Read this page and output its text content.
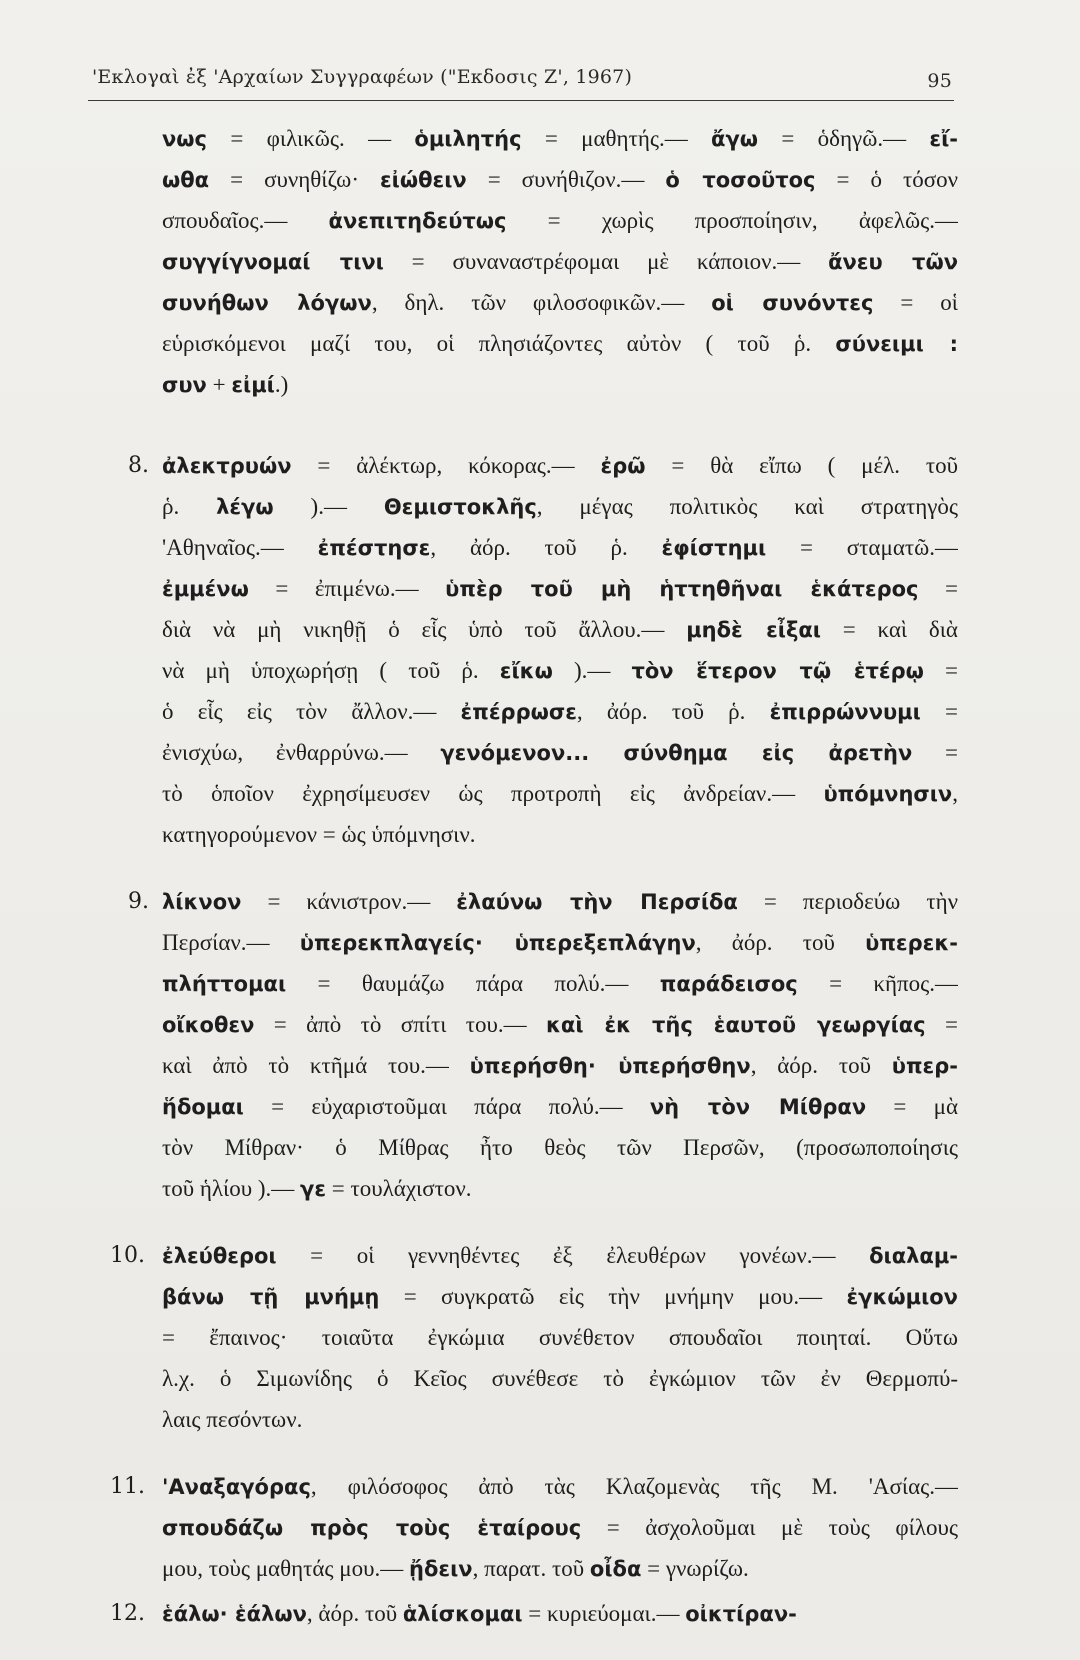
'Εκλογαὶ ἐξ 'Αρχαίων Συγγραφέων ("Εκδοσις Ζ', 1967)	95
νως = φιλικῶς. — ὁμιλητής = μαθητής.— ἄγω = ὁδηγῶ.— εἴ-
ωθα = συνηθίζω· εἰώθειν = συνήθιζον.— ὁ τοσοῦτος = ὁ τόσον
σπουδαῖος.— ἀνεπιτηδεύτως = χωρὶς προσποίησιν, ἀφελῶς.—
συγγίγνομαί τινι = συναναστρέφομαι μὲ κάποιον.— ἄνευ τῶν
συνήθων λόγων, δηλ. τῶν φιλοσοφικῶν.— οἱ συνόντες = οἱ
εὑρισκόμενοι μαζί του, οἱ πλησιάζοντες αὐτὸν ( τοῦ ῥ. σύνειμι :
συν + εἰμί.)
8. ἀλεκτρυών = ἀλέκτωρ, κόκορας.— ἐρῶ = θὰ εἴπω ( μέλ. τοῦ
ῥ. λέγω ).— Θεμιστοκλῆς, μέγας πολιτικὸς καὶ στρατηγὸς
'Αθηναῖος.— ἐπέστησε, ἀόρ. τοῦ ῥ. ἐφίστημι = σταματῶ.—
ἐμμένω = ἐπιμένω.— ὑπὲρ τοῦ μὴ ἡττηθῆναι ἑκάτερος =
διὰ νὰ μὴ νικηθῇ ὁ εἷς ὑπὸ τοῦ ἄλλου.— μηδὲ εἶξαι = καὶ διὰ
νὰ μὴ ὑποχωρήσῃ ( τοῦ ῥ. εἴκω ).— τὸν ἕτερον τῷ ἑτέρῳ =
ὁ εἷς εἰς τὸν ἄλλον.— ἐπέρρωσε, ἀόρ. τοῦ ῥ. ἐπιρρώννυμι =
ἐνισχύω, ἐνθαρρύνω.— γενόμενον... σύνθημα εἰς ἀρετὴν =
τὸ ὁποῖον ἐχρησίμευσεν ὡς προτροπὴ εἰς ἀνδρείαν.— ὑπόμνησιν,
κατηγορούμενον = ὡς ὑπόμνησιν.
9. λίκνον = κάνιστρον.— ἐλαύνω τὴν Περσίδα = περιοδεύω τὴν
Περσίαν.— ὑπερεκπλαγείς· ὑπερεξεπλάγην, ἀόρ. τοῦ ὑπερεκ-
πλήττομαι = θαυμάζω πάρα πολύ.— παράδεισος = κῆπος.—
οἴκοθεν = ἀπὸ τὸ σπίτι του.— καὶ ἐκ τῆς ἑαυτοῦ γεωργίας =
καὶ ἀπὸ τὸ κτῆμά του.— ὑπερήσθη· ὑπερήσθην, ἀόρ. τοῦ ὑπερ-
ἥδομαι = εὐχαριστοῦμαι πάρα πολύ.— νὴ τὸν Μίθραν = μὰ
τὸν Μίθραν· ὁ Μίθρας ἦτο θεὸς τῶν Περσῶν, (προσωποποίησις
τοῦ ἡλίου ).— γε = τουλάχιστον.
10. ἐλεύθεροι = οἱ γεννηθέντες ἐξ ἐλευθέρων γονέων.— διαλαμ-
βάνω τῇ μνήμῃ = συγκρατῶ εἰς τὴν μνήμην μου.— ἐγκώμιον
= ἔπαινος· τοιαῦτα ἐγκώμια συνέθετον σπουδαῖοι ποιηταί. Οὕτω
λ.χ. ὁ Σιμωνίδης ὁ Κεῖος συνέθεσε τὸ ἐγκώμιον τῶν ἐν Θερμοπύ-
λαις πεσόντων.
11. 'Αναξαγόρας, φιλόσοφος ἀπὸ τὰς Κλαζομενὰς τῆς Μ. 'Ασίας.—
σπουδάζω πρὸς τοὺς ἑταίρους = ἀσχολοῦμαι μὲ τοὺς φίλους
μου, τοὺς μαθητάς μου.— ᾔδειν, παρατ. τοῦ οἶδα = γνωρίζω.
12. ἑάλω· ἑάλων, ἀόρ. τοῦ ἁλίσκομαι = κυριεύομαι.— οἰκτίραν-
